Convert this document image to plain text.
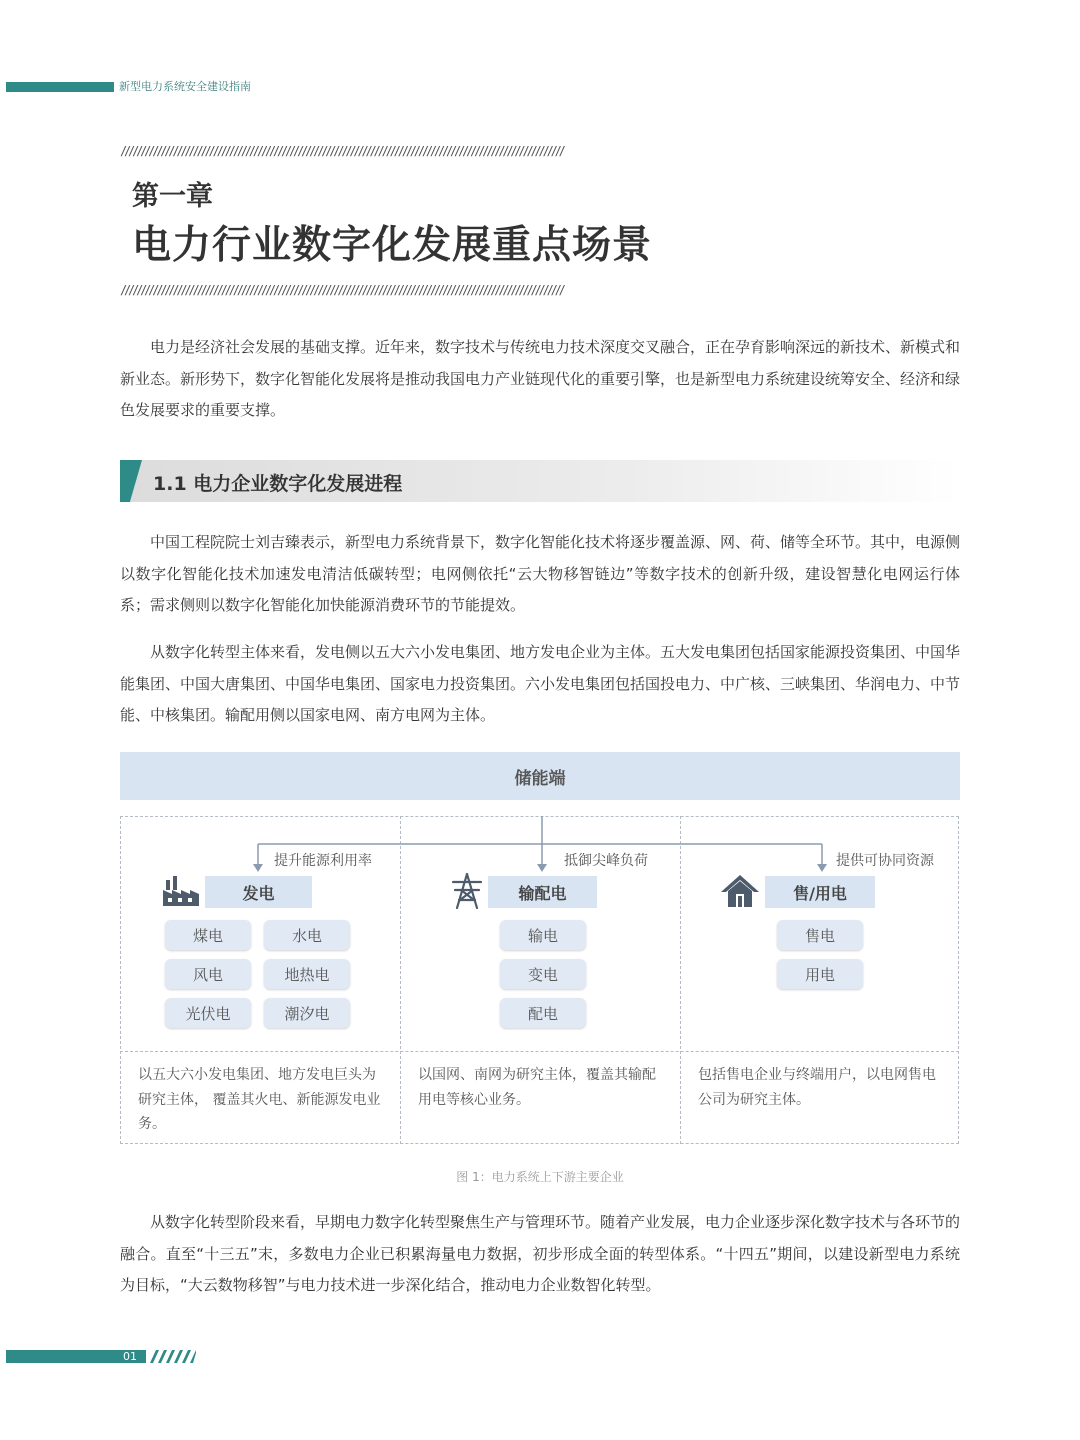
新型电力系统安全建设指南
//////////////////////////////////////////////////////////////////////////////////////////////////////////////
第一章
电力行业数字化发展重点场景
//////////////////////////////////////////////////////////////////////////////////////////////////////////////
电力是经济社会发展的基础支撑。近年来，数字技术与传统电力技术深度交叉融合，正在孕育影响深远的新技术、新模式和新业态。新形势下，数字化智能化发展将是推动我国电力产业链现代化的重要引擎，也是新型电力系统建设统筹安全、经济和绿色发展要求的重要支撑。
1.1 电力企业数字化发展进程
中国工程院院士刘吉臻表示，新型电力系统背景下，数字化智能化技术将逐步覆盖源、网、荷、储等全环节。其中，电源侧以数字化智能化技术加速发电清洁低碳转型；电网侧依托“云大物移智链边”等数字技术的创新升级，建设智慧化电网运行体系；需求侧则以数字化智能化加快能源消费环节的节能提效。
从数字化转型主体来看，发电侧以五大六小发电集团、地方发电企业为主体。五大发电集团包括国家能源投资集团、中国华能集团、中国大唐集团、中国华电集团、国家电力投资集团。六小发电集团包括国投电力、中广核、三峡集团、华润电力、中节能、中核集团。输配用侧以国家电网、南方电网为主体。
储能端
提升能源利用率	抵御尖峰负荷	提供可协同资源
发电
煤电	水电
风电	地热电
光伏电	潮汐电
输配电
输电
变电
配电
售/用电
售电
用电
以五大六小发电集团、地方发电巨头为研究主体， 覆盖其火电、新能源发电业务。
以国网、南网为研究主体，覆盖其输配用电等核心业务。
包括售电企业与终端用户，以电网售电公司为研究主体。
图 1：电力系统上下游主要企业
从数字化转型阶段来看，早期电力数字化转型聚焦生产与管理环节。随着产业发展，电力企业逐步深化数字技术与各环节的融合。直至“十三五”末，多数电力企业已积累海量电力数据，初步形成全面的转型体系。“十四五”期间，以建设新型电力系统为目标，“大云数物移智”与电力技术进一步深化结合，推动电力企业数智化转型。
01
